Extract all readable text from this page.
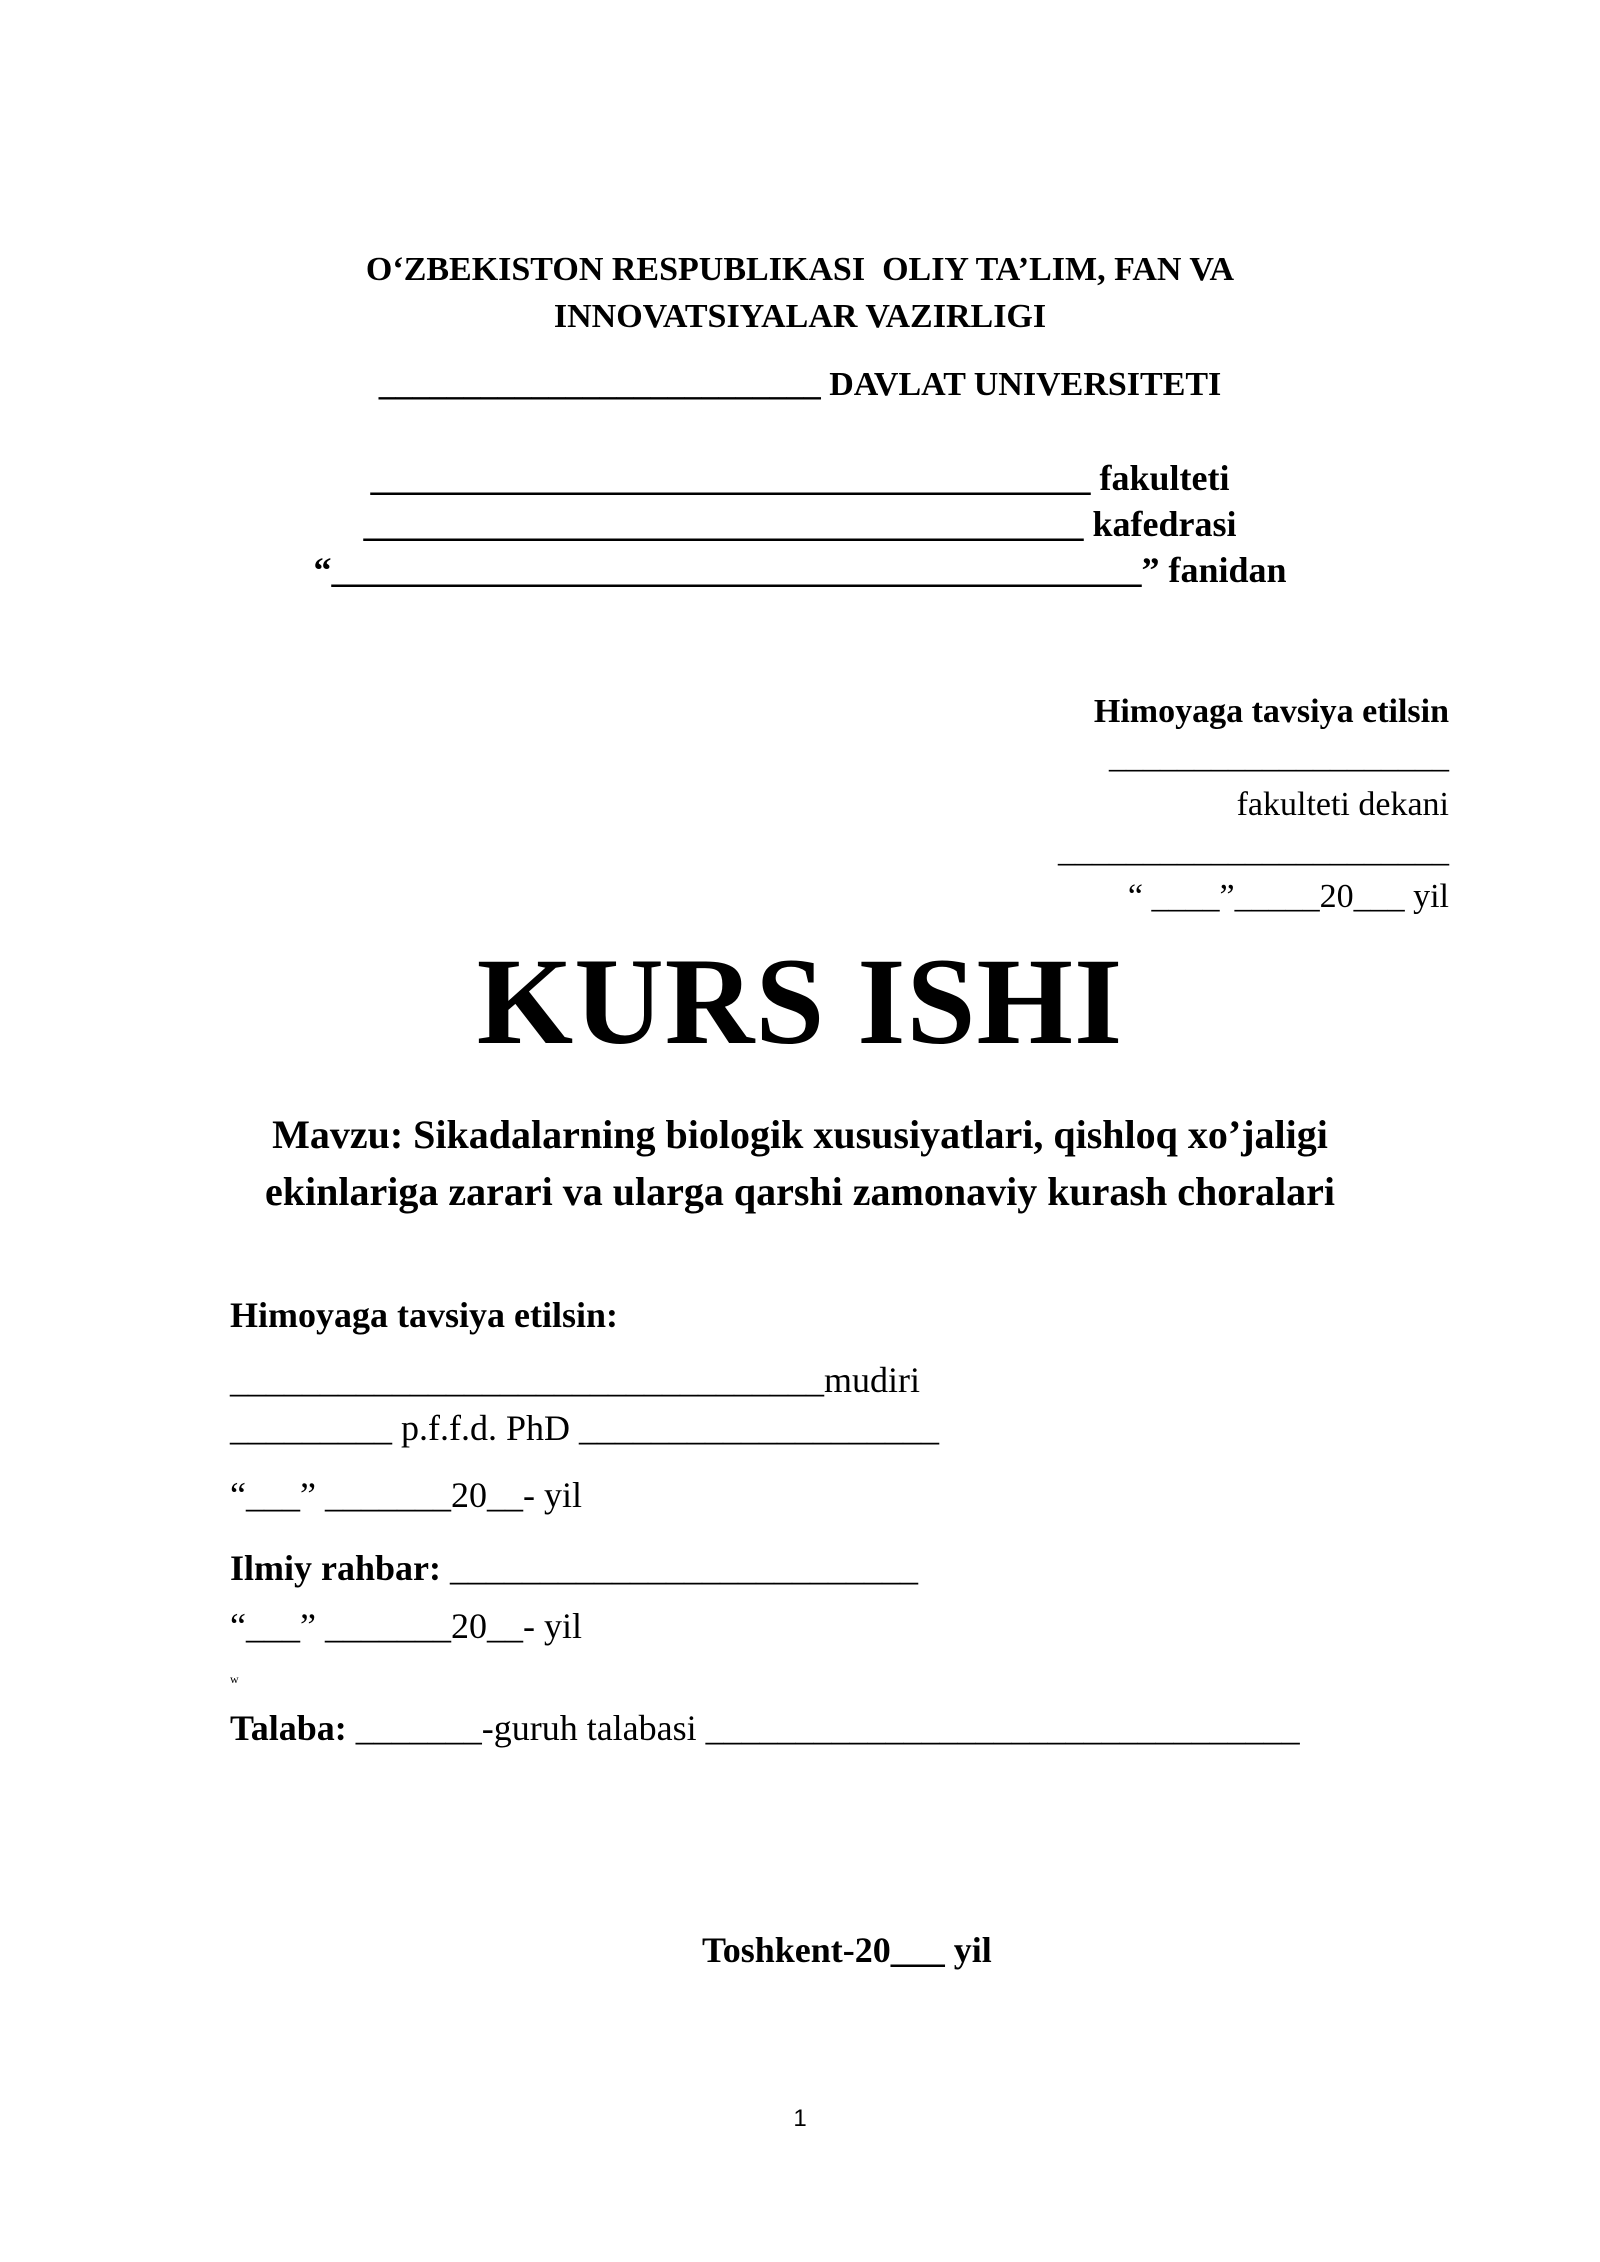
O‘ZBEKISTON RESPUBLIKASI  OLIY TA’LIM, FAN VA
INNOVATSIYALAR VAZIRLIGI
__________________________ DAVLAT UNIVERSITETI
________________________________________ fakulteti
________________________________________ kafedrasi
“_____________________________________________” fanidan
Himoyaga tavsiya etilsin
____________________
fakulteti dekani
_______________________
“ ____”_____20___ yil
KURS ISHI
Mavzu: Sikadalarning biologik xususiyatlari, qishloq xo’jaligi
ekinlariga zarari va ularga qarshi zamonaviy kurash choralari
Himoyaga tavsiya etilsin:
_________________________________mudiri
_________ p.f.f.d. PhD ____________________
“___” _______20__- yil
Ilmiy rahbar: __________________________
“___” _______20__- yil
w
Talaba: _______-guruh talabasi _________________________________
Toshkent-20___ yil
1
